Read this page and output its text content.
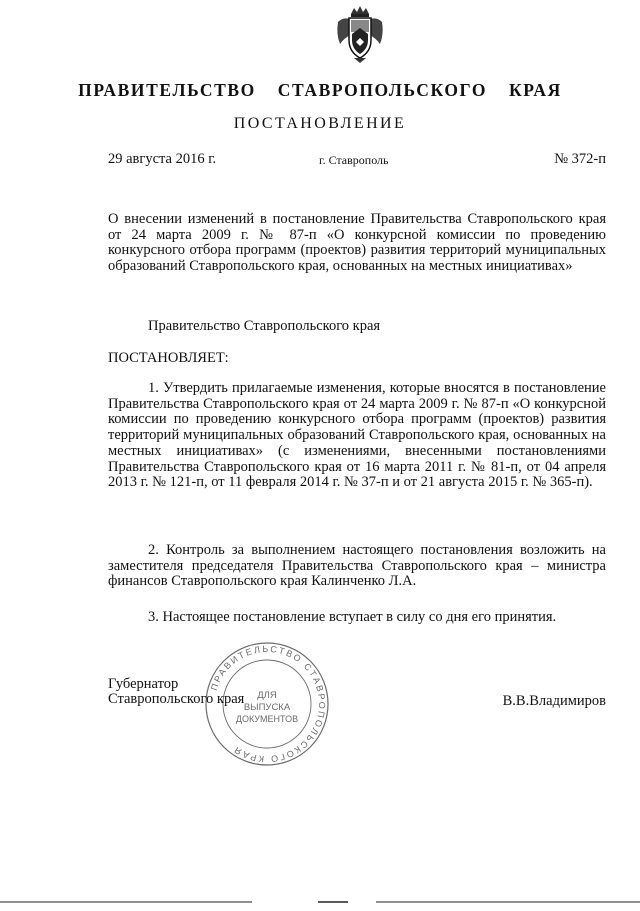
ПРАВИТЕЛЬСТВО  СТАВРОПОЛЬСКОГО  КРАЯ
ПОСТАНОВЛЕНИЕ
29 августа 2016 г.	г. Ставрополь	№ 372-п
О внесении изменений в постановление Правительства Ставропольского края от 24 марта 2009 г. № 87-п «О конкурсной комиссии по проведению конкурсного отбора программ (проектов) развития территорий муниципальных образований Ставропольского края, основанных на местных инициативах»
Правительство Ставропольского края
ПОСТАНОВЛЯЕТ:
1. Утвердить прилагаемые изменения, которые вносятся в постановление Правительства Ставропольского края от 24 марта 2009 г. № 87-п «О конкурсной комиссии по проведению конкурсного отбора программ (проектов) развития территорий муниципальных образований Ставропольского края, основанных на местных инициативах» (с изменениями, внесенными постановлениями Правительства Ставропольского края от 16 марта 2011 г. № 81-п, от 04 апреля 2013 г. № 121-п, от 11 февраля 2014 г. № 37-п и от 21 августа 2015 г. № 365-п).
2. Контроль за выполнением настоящего постановления возложить на заместителя председателя Правительства Ставропольского края – министра финансов Ставропольского края Калинченко Л.А.
3. Настоящее постановление вступает в силу со дня его принятия.
ПРАВИТЕЛЬСТВО СТАВРОПОЛЬСКОГО КРАЯ
ДЛЯ
ВЫПУСКА
ДОКУМЕНТОВ
Губернатор
Ставропольского края	В.В.Владимиров
